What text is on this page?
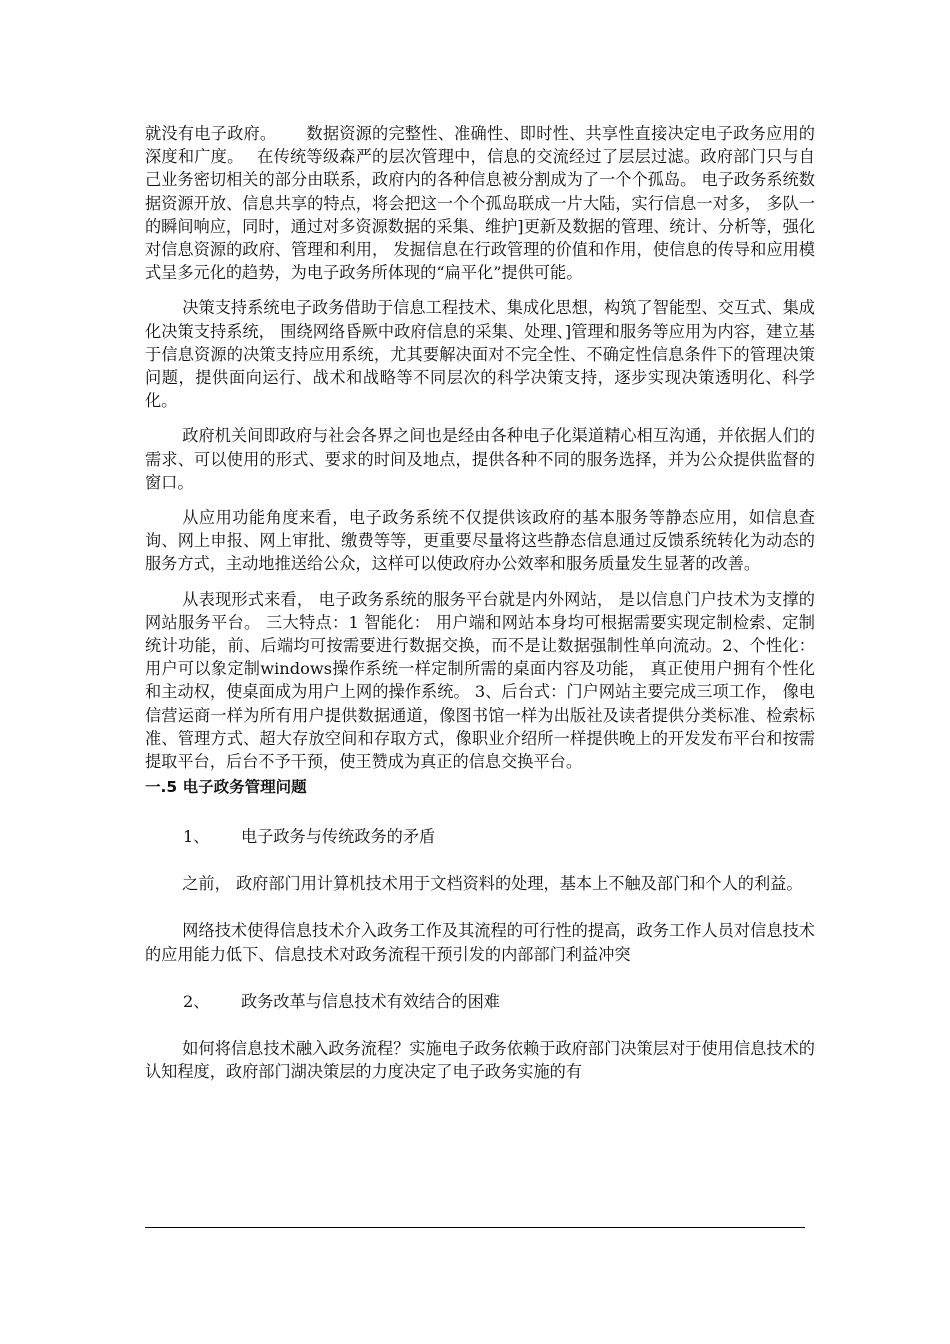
就没有电子政府。　　 数据资源的完整性、准确性、即时性、共享性直接决定电子政务应用的深度和广度。　 在传统等级森严的层次管理中，信息的交流经过了层层过滤。政府部门只与自己业务密切相关的部分由联系，政府内的各种信息被分割成为了一个个孤岛。 电子政务系统数据资源开放、信息共享的特点，将会把这一个个孤岛联成一片大陆，实行信息一对多， 多队一的瞬间响应，同时，通过对多资源数据的采集、维护]更新及数据的管理、统计、分析等，强化对信息资源的政府、管理和利用， 发掘信息在行政管理的价值和作用，使信息的传导和应用模式呈多元化的趋势，为电子政务所体现的“扁平化”提供可能。

决策支持系统电子政务借助于信息工程技术、集成化思想，构筑了智能型、交互式、集成化决策支持系统， 围绕网络昏厥中政府信息的采集、处理、]管理和服务等应用为内容，建立基于信息资源的决策支持应用系统，尤其要解决面对不完全性、不确定性信息条件下的管理决策问题，提供面向运行、战术和战略等不同层次的科学决策支持，逐步实现决策透明化、科学化。

政府机关间即政府与社会各界之间也是经由各种电子化渠道精心相互沟通，并依据人们的需求、可以使用的形式、要求的时间及地点，提供各种不同的服务选择，并为公众提供监督的窗口。

从应用功能角度来看，电子政务系统不仅提供该政府的基本服务等静态应用，如信息查询、网上申报、网上审批、缴费等等，更重要尽量将这些静态信息通过反馈系统转化为动态的服务方式，主动地推送给公众，这样可以使政府办公效率和服务质量发生显著的改善。

从表现形式来看， 电子政务系统的服务平台就是内外网站， 是以信息门户技术为支撑的网站服务平台。 三大特点：1 智能化： 用户端和网站本身均可根据需要实现定制检索、定制统计功能，前、后端均可按需要进行数据交换，而不是让数据强制性单向流动。2、个性化： 用户可以象定制windows操作系统一样定制所需的桌面内容及功能， 真正使用户拥有个性化和主动权，使桌面成为用户上网的操作系统。 3、后台式：门户网站主要完成三项工作， 像电信营运商一样为所有用户提供数据通道，像图书馆一样为出版社及读者提供分类标准、检索标准、管理方式、超大存放空间和存取方式，像职业介绍所一样提供晚上的开发发布平台和按需提取平台，后台不予干预，使王赞成为真正的信息交换平台。

一.5 电子政务管理问题

1、 电子政务与传统政务的矛盾

之前， 政府部门用计算机技术用于文档资料的处理，基本上不触及部门和个人的利益。

网络技术使得信息技术介入政务工作及其流程的可行性的提高，政务工作人员对信息技术的应用能力低下、信息技术对政务流程干预引发的内部部门利益冲突

2、 政务改革与信息技术有效结合的困难

如何将信息技术融入政务流程？实施电子政务依赖于政府部门决策层对于使用信息技术的认知程度，政府部门湖决策层的力度决定了电子政务实施的有
